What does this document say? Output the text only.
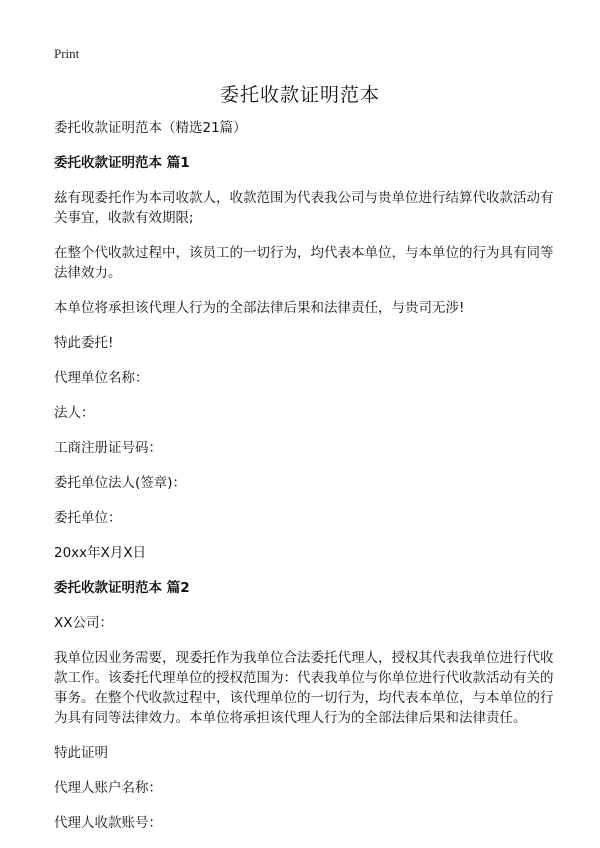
Print
委托收款证明范本

委托收款证明范本（精选21篇）

委托收款证明范本 篇1

兹有现委托作为本司收款人，收款范围为代表我公司与贵单位进行结算代收款活动有关事宜，收款有效期限;

在整个代收款过程中，该员工的一切行为，均代表本单位，与本单位的行为具有同等法律效力。

本单位将承担该代理人行为的全部法律后果和法律责任，与贵司无涉!

特此委托!

代理单位名称：

法人：

工商注册证号码：

委托单位法人(签章)：

委托单位：

20xx年X月X日

委托收款证明范本 篇2

XX公司：

我单位因业务需要，现委托作为我单位合法委托代理人，授权其代表我单位进行代收款工作。该委托代理单位的授权范围为：代表我单位与你单位进行代收款活动有关的事务。在整个代收款过程中，该代理单位的一切行为，均代表本单位，与本单位的行为具有同等法律效力。本单位将承担该代理人行为的全部法律后果和法律责任。

特此证明

代理人账户名称：

代理人收款账号：
